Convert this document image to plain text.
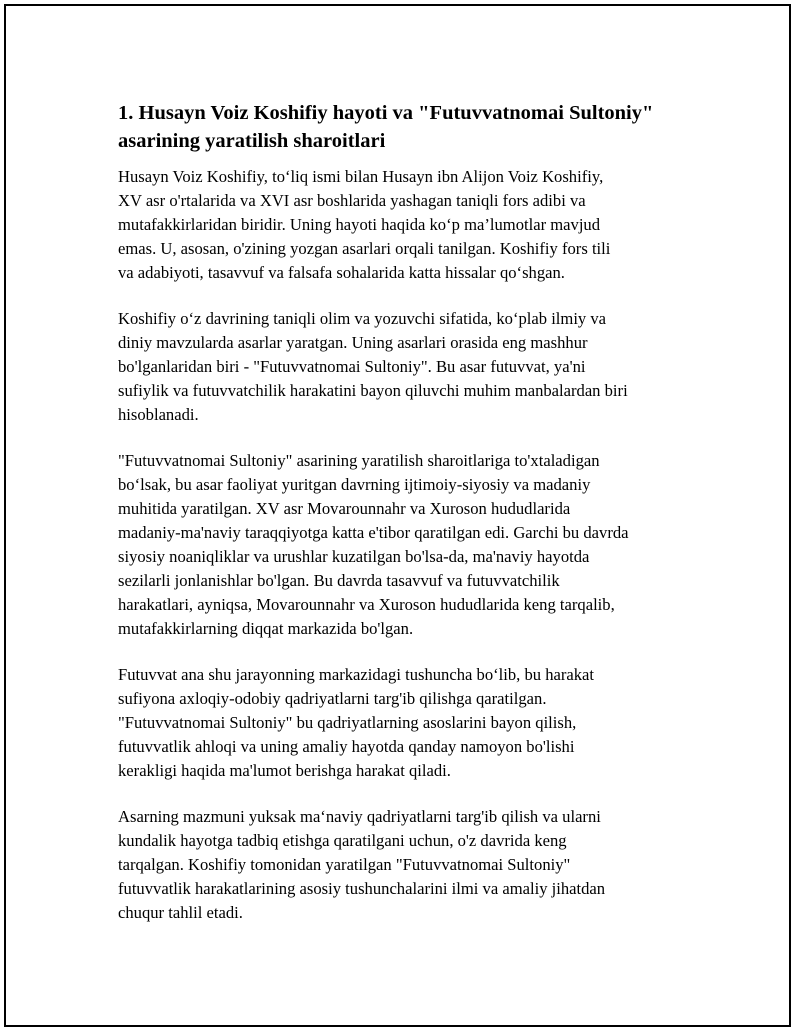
1. Husayn Voiz Koshifiy hayoti va "Futuvvatnomai Sultoniy" asarining yaratilish sharoitlari

Husayn Voiz Koshifiy, to‘liq ismi bilan Husayn ibn Alijon Voiz Koshifiy,
XV asr o'rtalarida va XVI asr boshlarida yashagan taniqli fors adibi va
mutafakkirlaridan biridir. Uning hayoti haqida ko‘p ma’lumotlar mavjud
emas. U, asosan, o'zining yozgan asarlari orqali tanilgan. Koshifiy fors tili
va adabiyoti, tasavvuf va falsafa sohalarida katta hissalar qo‘shgan.

Koshifiy o‘z davrining taniqli olim va yozuvchi sifatida, ko‘plab ilmiy va
diniy mavzularda asarlar yaratgan. Uning asarlari orasida eng mashhur
bo'lganlaridan biri - "Futuvvatnomai Sultoniy". Bu asar futuvvat, ya'ni
sufiylik va futuvvatchilik harakatini bayon qiluvchi muhim manbalardan biri
hisoblanadi.

"Futuvvatnomai Sultoniy" asarining yaratilish sharoitlariga to'xtaladigan
bo‘lsak, bu asar faoliyat yuritgan davrning ijtimoiy-siyosiy va madaniy
muhitida yaratilgan. XV asr Movarounnahr va Xuroson hududlarida
madaniy-ma'naviy taraqqiyotga katta e'tibor qaratilgan edi. Garchi bu davrda
siyosiy noaniqliklar va urushlar kuzatilgan bo'lsa-da, ma'naviy hayotda
sezilarli jonlanishlar bo'lgan. Bu davrda tasavvuf va futuvvatchilik
harakatlari, ayniqsa, Movarounnahr va Xuroson hududlarida keng tarqalib,
mutafakkirlarning diqqat markazida bo'lgan.

Futuvvat ana shu jarayonning markazidagi tushuncha bo‘lib, bu harakat
sufiyona axloqiy-odobiy qadriyatlarni targ'ib qilishga qaratilgan.
"Futuvvatnomai Sultoniy" bu qadriyatlarning asoslarini bayon qilish,
futuvvatlik ahloqi va uning amaliy hayotda qanday namoyon bo'lishi
kerakligi haqida ma'lumot berishga harakat qiladi.

Asarning mazmuni yuksak ma‘naviy qadriyatlarni targ'ib qilish va ularni
kundalik hayotga tadbiq etishga qaratilgani uchun, o'z davrida keng
tarqalgan. Koshifiy tomonidan yaratilgan "Futuvvatnomai Sultoniy"
futuvvatlik harakatlarining asosiy tushunchalarini ilmi va amaliy jihatdan
chuqur tahlil etadi.
